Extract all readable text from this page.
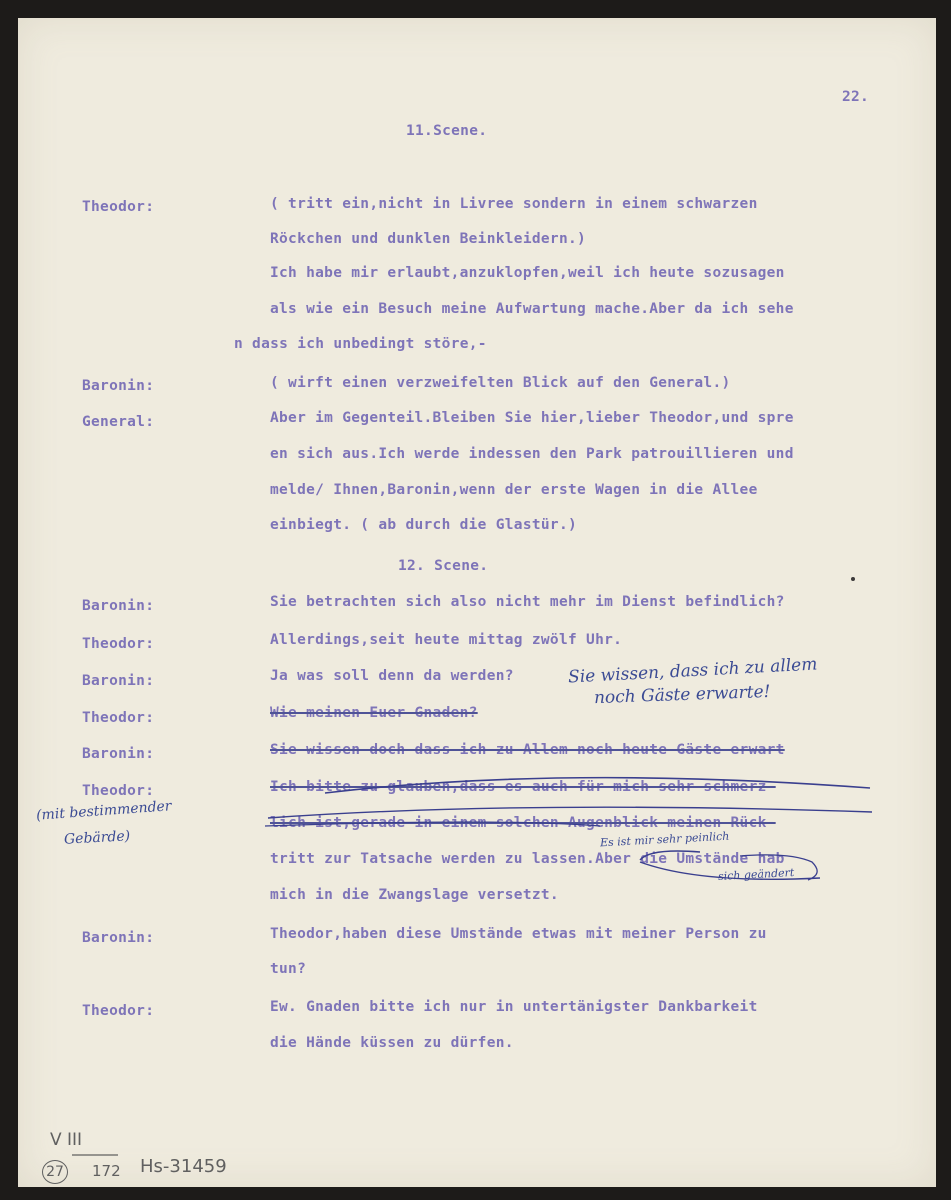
22.
11.Scene.
12. Scene.
Theodor:	( tritt ein,nicht in Livree sondern in einem schwarzen
Röckchen und dunklen Beinkleidern.)
Ich habe mir erlaubt,anzuklopfen,weil ich heute sozusagen
als wie ein Besuch meine Aufwartung mache.Aber da ich sehe
n dass ich unbedingt störe,-
Baronin:	( wirft einen verzweifelten Blick auf den General.)
General:	Aber im Gegenteil.Bleiben Sie hier,lieber Theodor,und spre
en sich aus.Ich werde indessen den Park patrouillieren und
melde/ Ihnen,Baronin,wenn der erste Wagen in die Allee
einbiegt. ( ab durch die Glastür.)
Baronin:	Sie betrachten sich also nicht mehr im Dienst befindlich?
Theodor:	Allerdings,seit heute mittag zwölf Uhr.
Baronin:	Ja was soll denn da werden?
Theodor:	Wie meinen Euer Gnaden?
Baronin:	Sie wissen doch dass ich zu Allem noch heute Gäste erwart
Theodor:	Ich bitte zu glauben,dass es auch für mich sehr schmerz-
lich ist,gerade in einem solchen Augenblick meinen Rück-
tritt zur Tatsache werden zu lassen.Aber die Umstände hab
mich in die Zwangslage versetzt.
Baronin:	Theodor,haben diese Umstände etwas mit meiner Person zu
tun?
Theodor:	Ew. Gnaden bitte ich nur in untertänigster Dankbarkeit
die Hände küssen zu dürfen.
Sie wissen, dass ich zu allem
noch Gäste erwarte!
(mit bestimmender
Gebärde)	Es ist mir sehr peinlich
sich geändert
V III
27 172 Hs-31459
